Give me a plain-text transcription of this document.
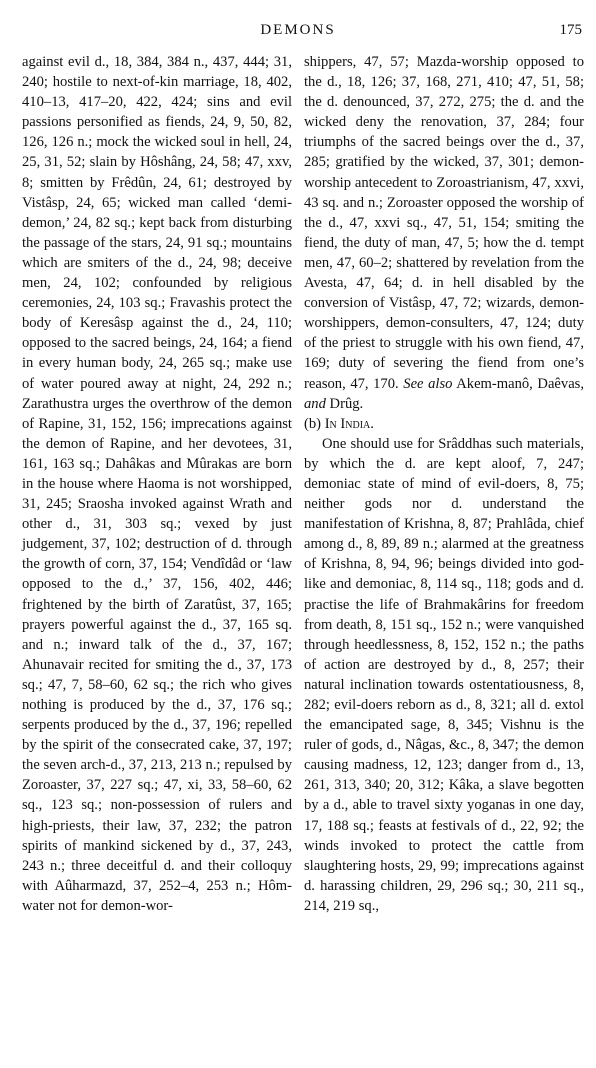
DEMONS	175

against evil d., 18, 384, 384 n., 437, 444; 31, 240; hostile to next-of-kin marriage, 18, 402, 410–13, 417–20, 422, 424; sins and evil passions personified as fiends, 24, 9, 50, 82, 126, 126 n.; mock the wicked soul in hell, 24, 25, 31, 52; slain by Hôshâng, 24, 58; 47, xxv, 8; smitten by Frêdûn, 24, 61; destroyed by Vistâsp, 24, 65; wicked man called ‘demi-demon,’ 24, 82 sq.; kept back from disturbing the passage of the stars, 24, 91 sq.; mountains which are smiters of the d., 24, 98; deceive men, 24, 102; confounded by religious ceremonies, 24, 103 sq.; Fravashis protect the body of Keresâsp against the d., 24, 110; opposed to the sacred beings, 24, 164; a fiend in every human body, 24, 265 sq.; make use of water poured away at night, 24, 292 n.; Zarathustra urges the overthrow of the demon of Rapine, 31, 152, 156; imprecations against the demon of Rapine, and her devotees, 31, 161, 163 sq.; Dahâkas and Mûrakas are born in the house where Haoma is not worshipped, 31, 245; Sraosha invoked against Wrath and other d., 31, 303 sq.; vexed by just judgement, 37, 102; destruction of d. through the growth of corn, 37, 154; Vendîdâd or ‘law opposed to the d.,’ 37, 156, 402, 446; frightened by the birth of Zaratûst, 37, 165; prayers powerful against the d., 37, 165 sq. and n.; inward talk of the d., 37, 167; Ahunavair recited for smiting the d., 37, 173 sq.; 47, 7, 58–60, 62 sq.; the rich who gives nothing is produced by the d., 37, 176 sq.; serpents produced by the d., 37, 196; repelled by the spirit of the consecrated cake, 37, 197; the seven arch-d., 37, 213, 213 n.; repulsed by Zoroaster, 37, 227 sq.; 47, xi, 33, 58–60, 62 sq., 123 sq.; non-possession of rulers and high-priests, their law, 37, 232; the patron spirits of mankind sickened by d., 37, 243, 243 n.; three deceitful d. and their colloquy with Aûharmazd, 37, 252–4, 253 n.; Hôm-water not for demon-wor-

shippers, 47, 57; Mazda-worship opposed to the d., 18, 126; 37, 168, 271, 410; 47, 51, 58; the d. denounced, 37, 272, 275; the d. and the wicked deny the renovation, 37, 284; four triumphs of the sacred beings over the d., 37, 285; gratified by the wicked, 37, 301; demon-worship antecedent to Zoroastrianism, 47, xxvi, 43 sq. and n.; Zoroaster opposed the worship of the d., 47, xxvi sq., 47, 51, 154; smiting the fiend, the duty of man, 47, 5; how the d. tempt men, 47, 60–2; shattered by revelation from the Avesta, 47, 64; d. in hell disabled by the conversion of Vistâsp, 47, 72; wizards, demon-worshippers, demon-consulters, 47, 124; duty of the priest to struggle with his own fiend, 47, 169; duty of severing the fiend from one’s reason, 47, 170. See also Akem-manô, Daêvas, and Drûg.

(b) In India.

One should use for Srâddhas such materials, by which the d. are kept aloof, 7, 247; demoniac state of mind of evil-doers, 8, 75; neither gods nor d. understand the manifestation of Krishna, 8, 87; Prahlâda, chief among d., 8, 89, 89 n.; alarmed at the greatness of Krishna, 8, 94, 96; beings divided into god-like and demoniac, 8, 114 sq., 118; gods and d. practise the life of Brahmakârins for freedom from death, 8, 151 sq., 152 n.; were vanquished through heedlessness, 8, 152, 152 n.; the paths of action are destroyed by d., 8, 257; their natural inclination towards ostentatiousness, 8, 282; evil-doers reborn as d., 8, 321; all d. extol the emancipated sage, 8, 345; Vishnu is the ruler of gods, d., Nâgas, &c., 8, 347; the demon causing madness, 12, 123; danger from d., 13, 261, 313, 340; 20, 312; Kâka, a slave begotten by a d., able to travel sixty yoganas in one day, 17, 188 sq.; feasts at festivals of d., 22, 92; the winds invoked to protect the cattle from slaughtering hosts, 29, 99; imprecations against d. harassing children, 29, 296 sq.; 30, 211 sq., 214, 219 sq.,
